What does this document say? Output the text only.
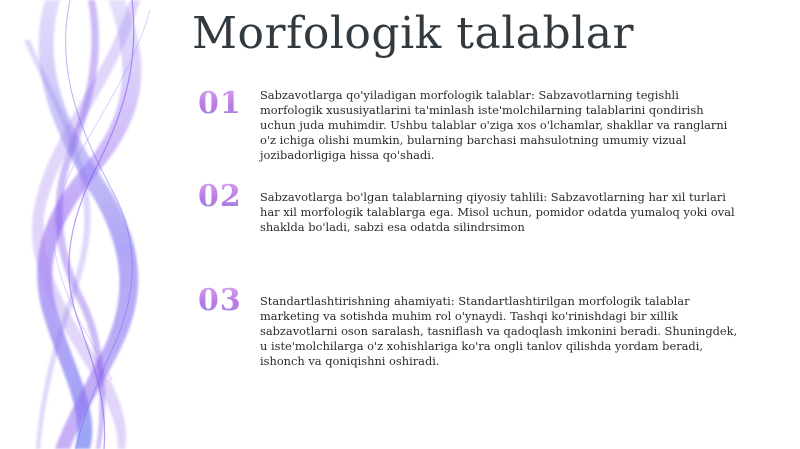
Morfologik talablar
01 Sabzavotlarga qo'yiladigan morfologik talablar: Sabzavotlarning tegishli morfologik xususiyatlarini ta'minlash iste'molchilarning talablarini qondirish uchun juda muhimdir. Ushbu talablar o'ziga xos o'lchamlar, shakllar va ranglarni o'z ichiga olishi mumkin, bularning barchasi mahsulotning umumiy vizual jozibadorligiga hissa qo'shadi.

02 Sabzavotlarga bo'lgan talablarning qiyosiy tahlili: Sabzavotlarning har xil turlari har xil morfologik talablarga ega. Misol uchun, pomidor odatda yumaloq yoki oval shaklda bo'ladi, sabzi esa odatda silindrsimon

03 Standartlashtirishning ahamiyati: Standartlashtirilgan morfologik talablar marketing va sotishda muhim rol o'ynaydi. Tashqi ko'rinishdagi bir xillik sabzavotlarni oson saralash, tasniflash va qadoqlash imkonini beradi. Shuningdek, u iste'molchilarga o'z xohishlariga ko'ra ongli tanlov qilishda yordam beradi, ishonch va qoniqishni oshiradi.
